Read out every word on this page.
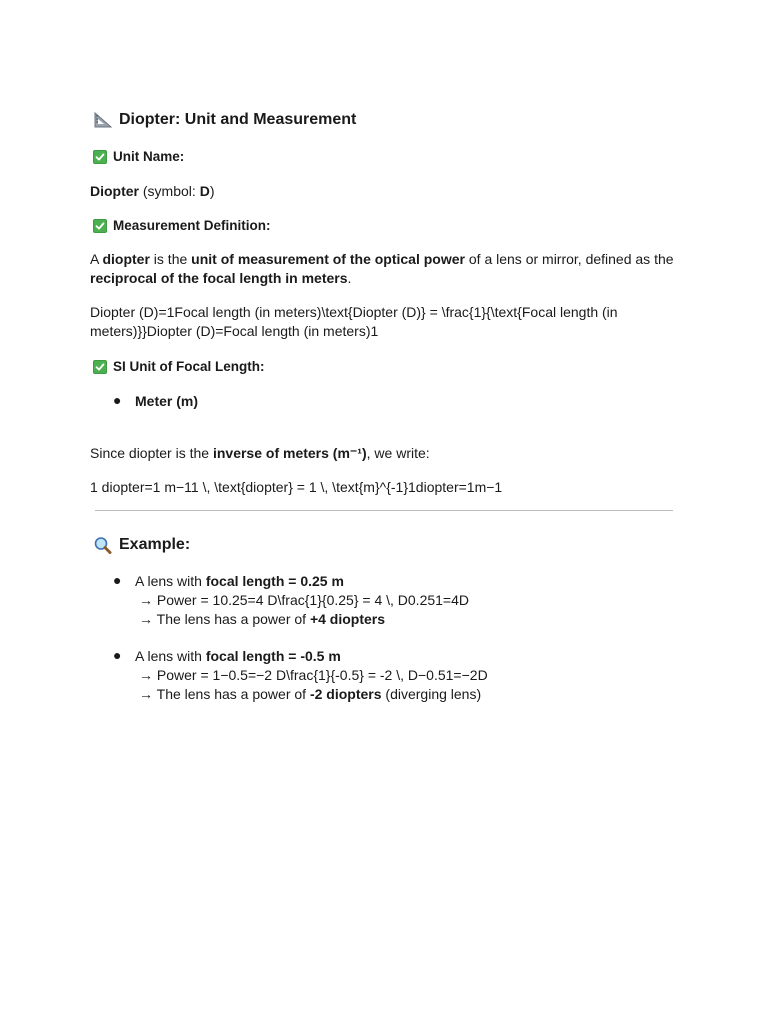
Diopter: Unit and Measurement
Unit Name:
Diopter (symbol: D)
Measurement Definition:
A diopter is the unit of measurement of the optical power of a lens or mirror, defined as the
reciprocal of the focal length in meters.
Diopter (D)=1Focal length (in meters)\text{Diopter (D)} = \frac{1}{\text{Focal length (in
meters)}}Diopter (D)=Focal length (in meters)1
SI Unit of Focal Length:
● Meter (m)
Since diopter is the inverse of meters (m⁻¹), we write:
1 diopter=1 m−11 \, \text{diopter} = 1 \, \text{m}^{-1}1diopter=1m−1
Example:
● A lens with focal length = 0.25 m
→ Power = 10.25=4 D\frac{1}{0.25} = 4 \, D0.251=4D
→ The lens has a power of +4 diopters
● A lens with focal length = -0.5 m
→ Power = 1−0.5=−2 D\frac{1}{-0.5} = -2 \, D−0.51=−2D
→ The lens has a power of -2 diopters (diverging lens)
